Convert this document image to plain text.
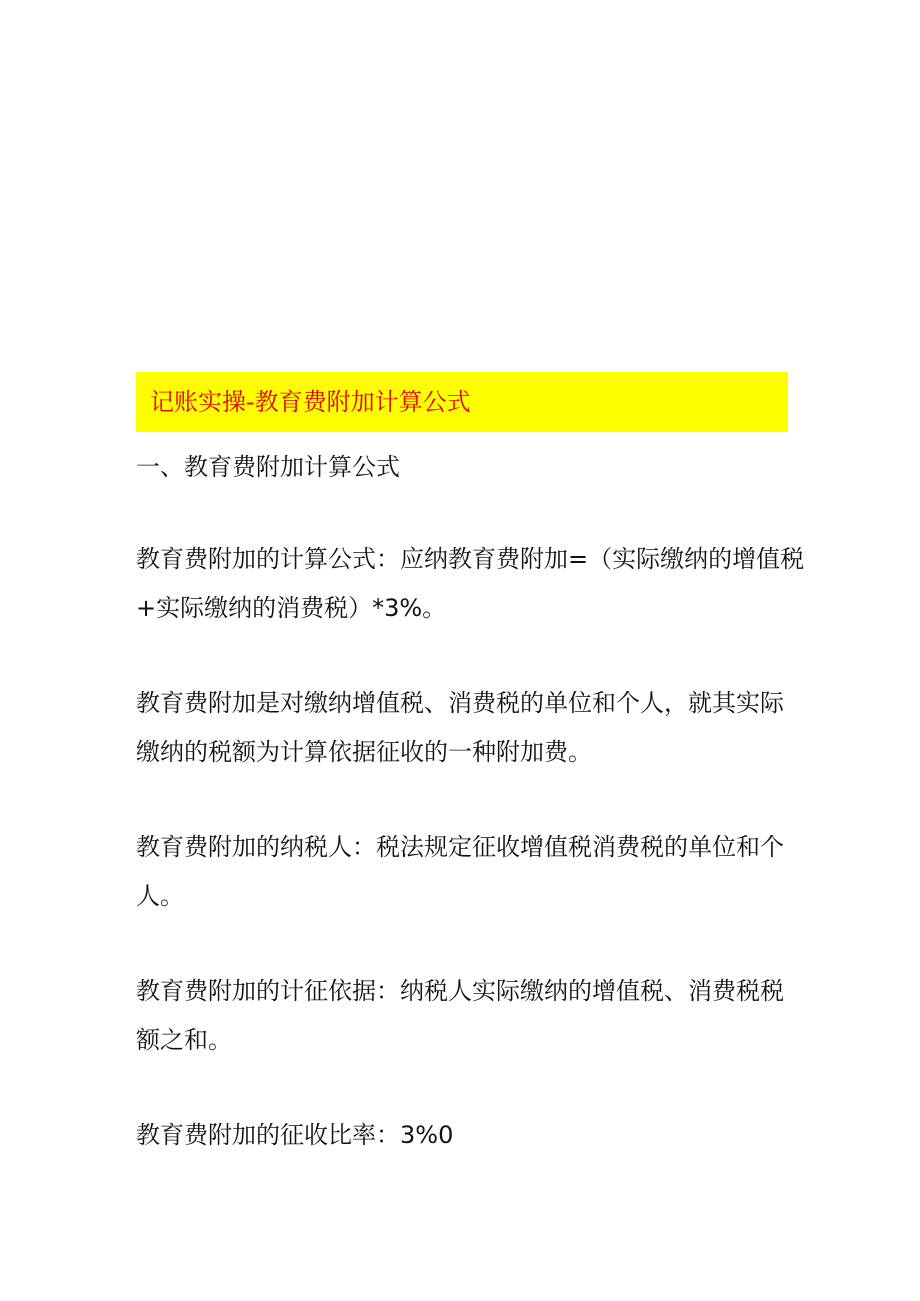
记账实操-教育费附加计算公式
一、教育费附加计算公式

教育费附加的计算公式：应纳教育费附加=（实际缴纳的增值税
+实际缴纳的消费税）*3%。

教育费附加是对缴纳增值税、消费税的单位和个人，就其实际
缴纳的税额为计算依据征收的一种附加费。

教育费附加的纳税人：税法规定征收增值税消费税的单位和个
人。

教育费附加的计征依据：纳税人实际缴纳的增值税、消费税税
额之和。

教育费附加的征收比率：3%0
